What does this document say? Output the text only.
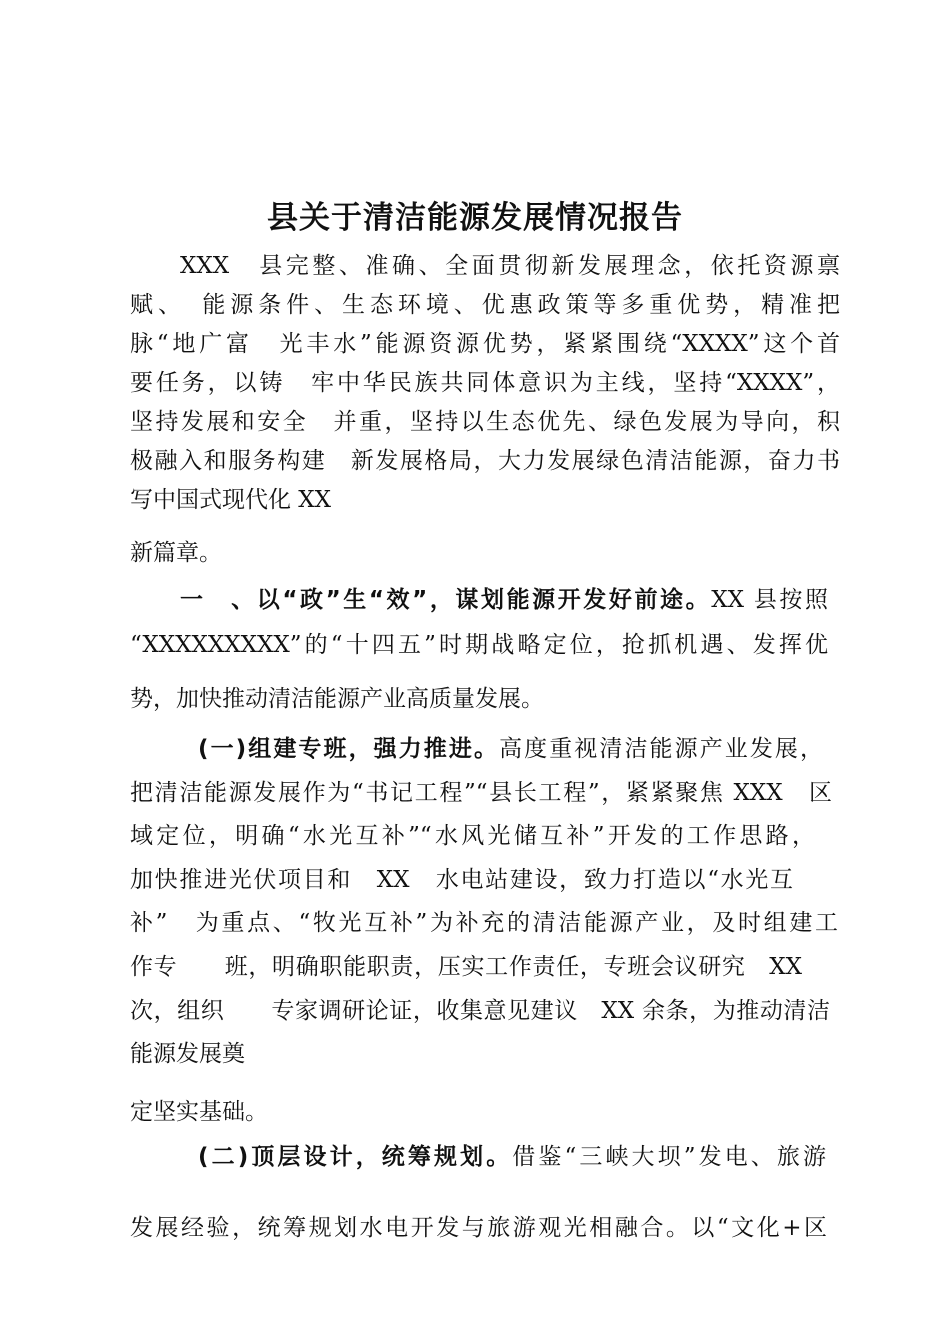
县关于清洁能源发展情况报告

XXX　县完整、准确、全面贯彻新发展理念，依托资源禀

赋、　能源条件、生态环境、优惠政策等多重优势，精准把

脉“地广富　光丰水”能源资源优势，紧紧围绕“XXXX”这个首

要任务，以铸　牢中华民族共同体意识为主线，坚持“XXXX”，

坚持发展和安全　并重，坚持以生态优先、绿色发展为导向，积

极融入和服务构建　新发展格局，大力发展绿色清洁能源，奋力书

写中国式现代化 XX

新篇章。

一　、以“政”生“效”，谋划能源开发好前途。XX 县按照

“XXXXXXXXX”的“十四五”时期战略定位，抢抓机遇、发挥优

势，加快推动清洁能源产业高质量发展。

(一)组建专班，强力推进。高度重视清洁能源产业发展，

把清洁能源发展作为“书记工程”“县长工程”，紧紧聚焦 XXX　区

域定位，明确“水光互补”“水风光储互补”开发的工作思路，

加快推进光伏项目和　XX　水电站建设，致力打造以“水光互

补”　为重点、“牧光互补”为补充的清洁能源产业，及时组建工

作专　　班，明确职能职责，压实工作责任，专班会议研究　XX

次，组织　　专家调研论证，收集意见建议　XX 余条，为推动清洁

能源发展奠

定坚实基础。

(二)顶层设计，统筹规划。借鉴“三峡大坝”发电、旅游

发展经验，统筹规划水电开发与旅游观光相融合。以“文化+区
